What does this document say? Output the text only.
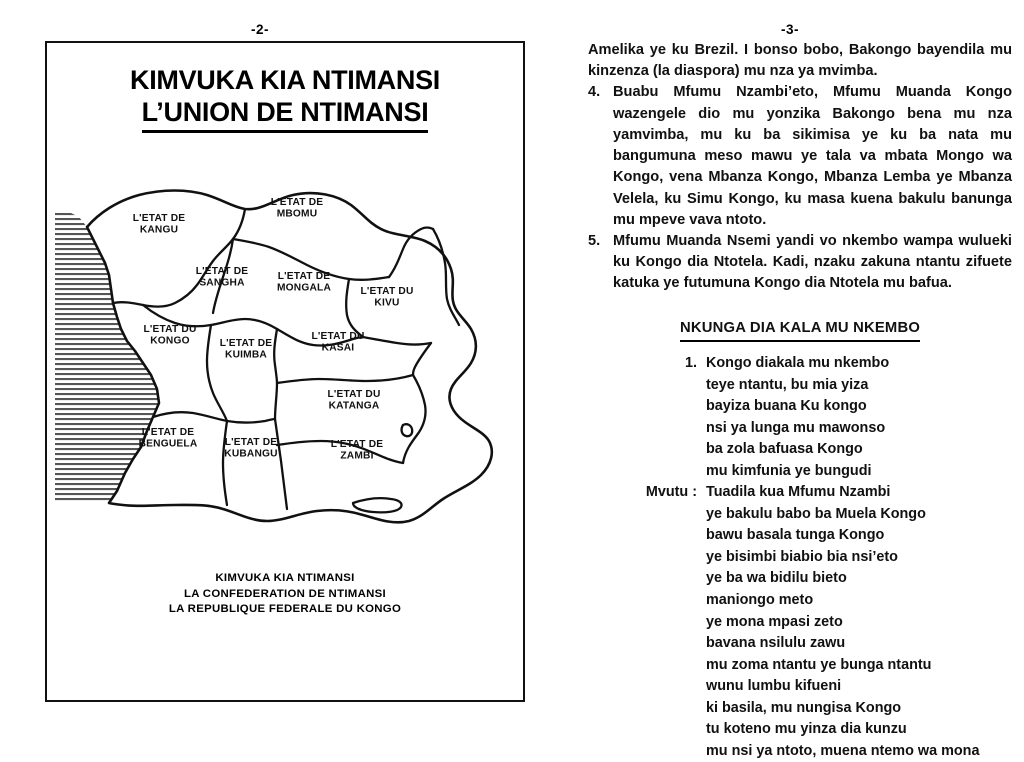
-2-
KIMVUKA KIA NTIMANSI
L’UNION DE NTIMANSI
L'ETAT DE KANGU
L'ETAT DE MBOMU
L'ETAT DE SANGHA
L'ETAT DE MONGALA	L'ETAT DU KIVU
L'ETAT DU KONGO	L'ETAT DE KUIMBA
L'ETAT DU KASAI
L'ETAT DU KATANGA
L'ETAT DE BENGUELA	L'ETAT DE KUBANGU
L'ETAT DE ZAMBI
KIMVUKA KIA NTIMANSI
LA CONFEDERATION DE NTIMANSI
LA REPUBLIQUE FEDERALE DU KONGO
-3-

Amelika ye ku Brezil. I bonso bobo, Bakongo bayendila mu kinzenza (la diaspora) mu nza ya mvimba.

4. Buabu Mfumu Nzambi’eto, Mfumu Muanda Kongo wazengele dio mu yonzika Bakongo bena mu nza yamvimba, mu ku ba sikimisa ye ku ba nata mu bangumuna meso mawu ye tala va mbata Mongo wa Kongo, vena Mbanza Kongo, Mbanza Lemba ye Mbanza Velela, ku Simu Kongo, ku masa kuena bakulu banunga mu mpeve vava ntoto.
5. Mfumu Muanda Nsemi yandi vo nkembo wampa wulueki ku Kongo dia Ntotela. Kadi, nzaku zakuna ntantu zifuete katuka ye futumuna Kongo dia Ntotela mu bafua.
NKUNGA DIA KALA MU NKEMBO
1. Kongo diakala mu nkembo
teye ntantu, bu mia yiza
bayiza buana Ku kongo
nsi ya lunga mu mawonso
ba zola bafuasa Kongo
mu kimfunia ye bungudi
Mvutu : Tuadila kua Mfumu Nzambi
ye bakulu babo ba Muela Kongo
bawu basala tunga Kongo
ye bisimbi biabio bia nsi’eto
ye ba wa bidilu bieto
maniongo meto
ye mona mpasi zeto
bavana nsilulu zawu
mu zoma ntantu ye bunga ntantu
wunu lumbu kifueni
ki basila, mu nungisa Kongo
tu koteno mu yinza dia kunzu
mu nsi ya ntoto, muena ntemo wa mona
